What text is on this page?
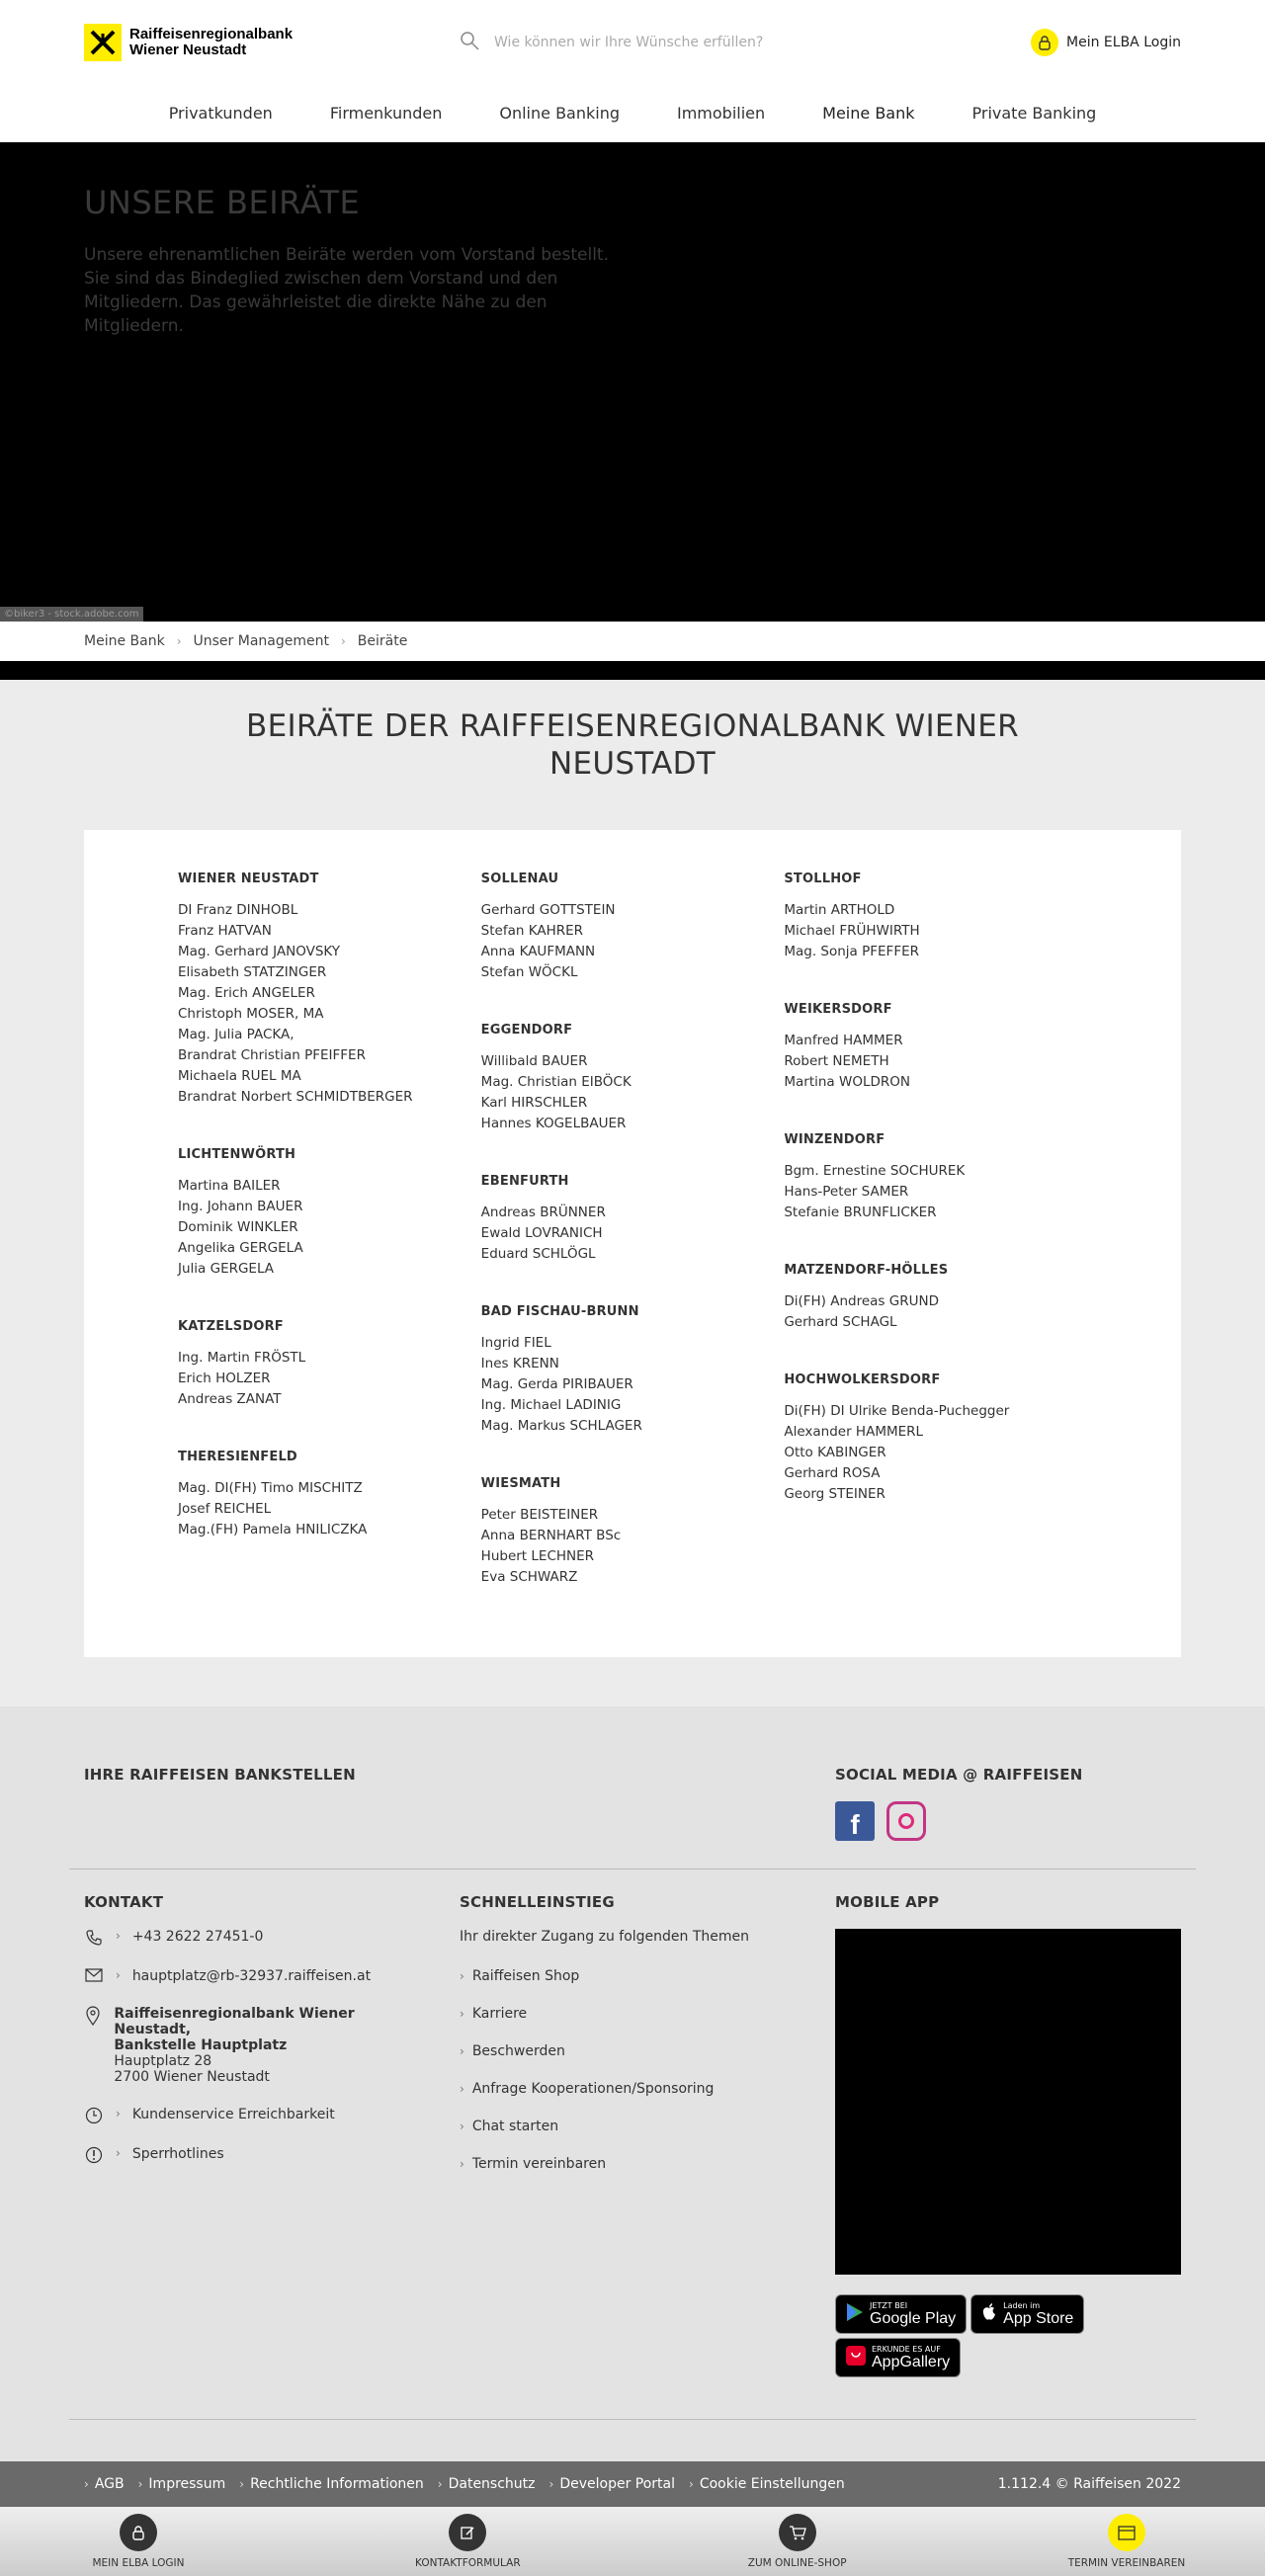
Raiffeisenregionalbank
Wiener Neustadt
Wie können wir Ihre Wünsche erfüllen?	Mein ELBA Login
Privatkunden	Firmenkunden	Online Banking	Immobilien	Meine Bank	Private Banking
UNSERE BEIRÄTE

Unsere ehrenamtlichen Beiräte werden vom Vorstand bestellt. Sie sind das Bindeglied zwischen dem Vorstand und den Mitgliedern. Das gewährleistet die direkte Nähe zu den Mitgliedern.

©biker3 - stock.adobe.com
Meine Bank › Unser Management › Beiräte
BEIRÄTE DER RAIFFEISENREGIONALBANK WIENER NEUSTADT
WIENER NEUSTADT
DI Franz DINHOBL
Franz HATVAN
Mag. Gerhard JANOVSKY
Elisabeth STATZINGER
Mag. Erich ANGELER
Christoph MOSER, MA
Mag. Julia PACKA,
Brandrat Christian PFEIFFER
Michaela RUEL MA
Brandrat Norbert SCHMIDTBERGER
LICHTENWÖRTH
Martina BAILER
Ing. Johann BAUER
Dominik WINKLER
Angelika GERGELA
Julia GERGELA
KATZELSDORF
Ing. Martin FRÖSTL
Erich HOLZER
Andreas ZANAT
THERESIENFELD
Mag. DI(FH) Timo MISCHITZ
Josef REICHEL
Mag.(FH) Pamela HNILICZKA
SOLLENAU
Gerhard GOTTSTEIN
Stefan KAHRER
Anna KAUFMANN
Stefan WÖCKL
EGGENDORF
Willibald BAUER
Mag. Christian EIBÖCK
Karl HIRSCHLER
Hannes KOGELBAUER
EBENFURTH
Andreas BRÜNNER
Ewald LOVRANICH
Eduard SCHLÖGL
BAD FISCHAU-BRUNN
Ingrid FIEL
Ines KRENN
Mag. Gerda PIRIBAUER
Ing. Michael LADINIG
Mag. Markus SCHLAGER
WIESMATH
Peter BEISTEINER
Anna BERNHART BSc
Hubert LECHNER
Eva SCHWARZ
STOLLHOF
Martin ARTHOLD
Michael FRÜHWIRTH
Mag. Sonja PFEFFER
WEIKERSDORF
Manfred HAMMER
Robert NEMETH
Martina WOLDRON
WINZENDORF
Bgm. Ernestine SOCHUREK
Hans-Peter SAMER
Stefanie BRUNFLICKER
MATZENDORF-HÖLLES
Di(FH) Andreas GRUND
Gerhard SCHAGL
HOCHWOLKERSDORF
Di(FH) DI Ulrike Benda-Puchegger
Alexander HAMMERL
Otto KABINGER
Gerhard ROSA
Georg STEINER
IHRE RAIFFEISEN BANKSTELLEN	SOCIAL MEDIA @ RAIFFEISEN
f
KONTAKT
› +43 2622 27451-0
› hauptplatz@rb-32937.raiffeisen.at
Raiffeisenregionalbank Wiener Neustadt,
Bankstelle Hauptplatz
Hauptplatz 28
2700 Wiener Neustadt
› Kundenservice Erreichbarkeit
› Sperrhotlines
SCHNELLEINSTIEG
Ihr direkter Zugang zu folgenden Themen
› Raiffeisen Shop
› Karriere
› Beschwerden
› Anfrage Kooperationen/Sponsoring
› Chat starten
› Termin vereinbaren
MOBILE APP
JETZT BEI
Google Play
Laden im
App Store
ERKUNDE ES AUF
AppGallery
› AGB › Impressum › Rechtliche Informationen › Datenschutz › Developer Portal › Cookie Einstellungen	1.112.4 © Raiffeisen 2022
MEIN ELBA LOGIN	KONTAKTFORMULAR	ZUM ONLINE-SHOP	TERMIN VEREINBAREN
